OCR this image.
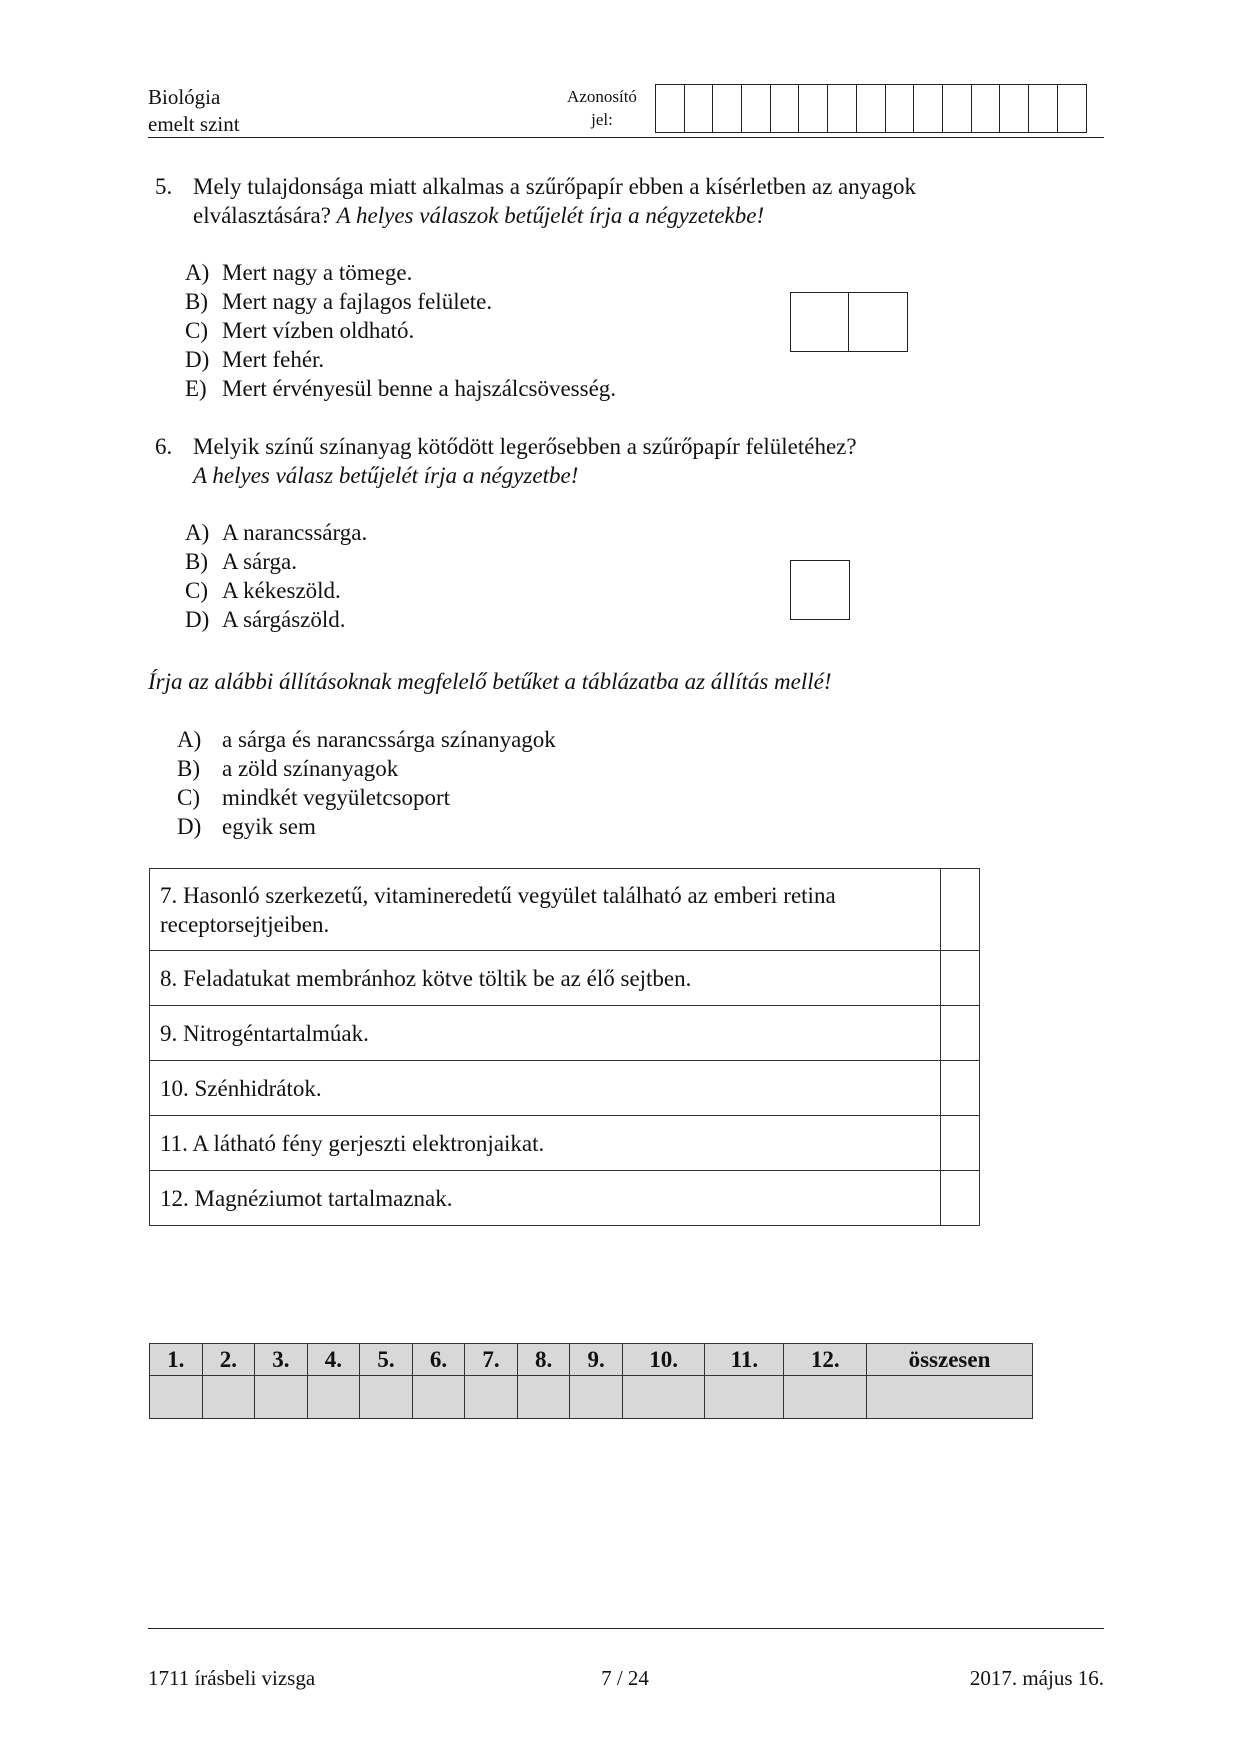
Biológia
emelt szint
Azonosító
jel:
5. Mely tulajdonsága miatt alkalmas a szűrőpapír ebben a kísérletben az anyagok
elválasztására? A helyes válaszok betűjelét írja a négyzetekbe!
A) Mert nagy a tömege.
B) Mert nagy a fajlagos felülete.
C) Mert vízben oldható.
D) Mert fehér.
E) Mert érvényesül benne a hajszálcsövesség.
6. Melyik színű színanyag kötődött legerősebben a szűrőpapír felületéhez?
A helyes válasz betűjelét írja a négyzetbe!
A) A narancssárga.
B) A sárga.
C) A kékeszöld.
D) A sárgászöld.
Írja az alábbi állításoknak megfelelő betűket a táblázatba az állítás mellé!
A) a sárga és narancssárga színanyagok
B) a zöld színanyagok
C) mindkét vegyületcsoport
D) egyik sem
7. Hasonló szerkezetű, vitamineredetű vegyület található az emberi retina receptorsejtjeiben.	
8. Feladatukat membránhoz kötve töltik be az élő sejtben.	
9. Nitrogéntartalmúak.	
10. Szénhidrátok.	
11. A látható fény gerjeszti elektronjaikat.	
12. Magnéziumot tartalmaznak.	
1.	2.	3.	4.	5.	6.	7.	8.	9.	10.	11.	12.	összesen

1711 írásbeli vizsga	7 / 24	2017. május 16.
